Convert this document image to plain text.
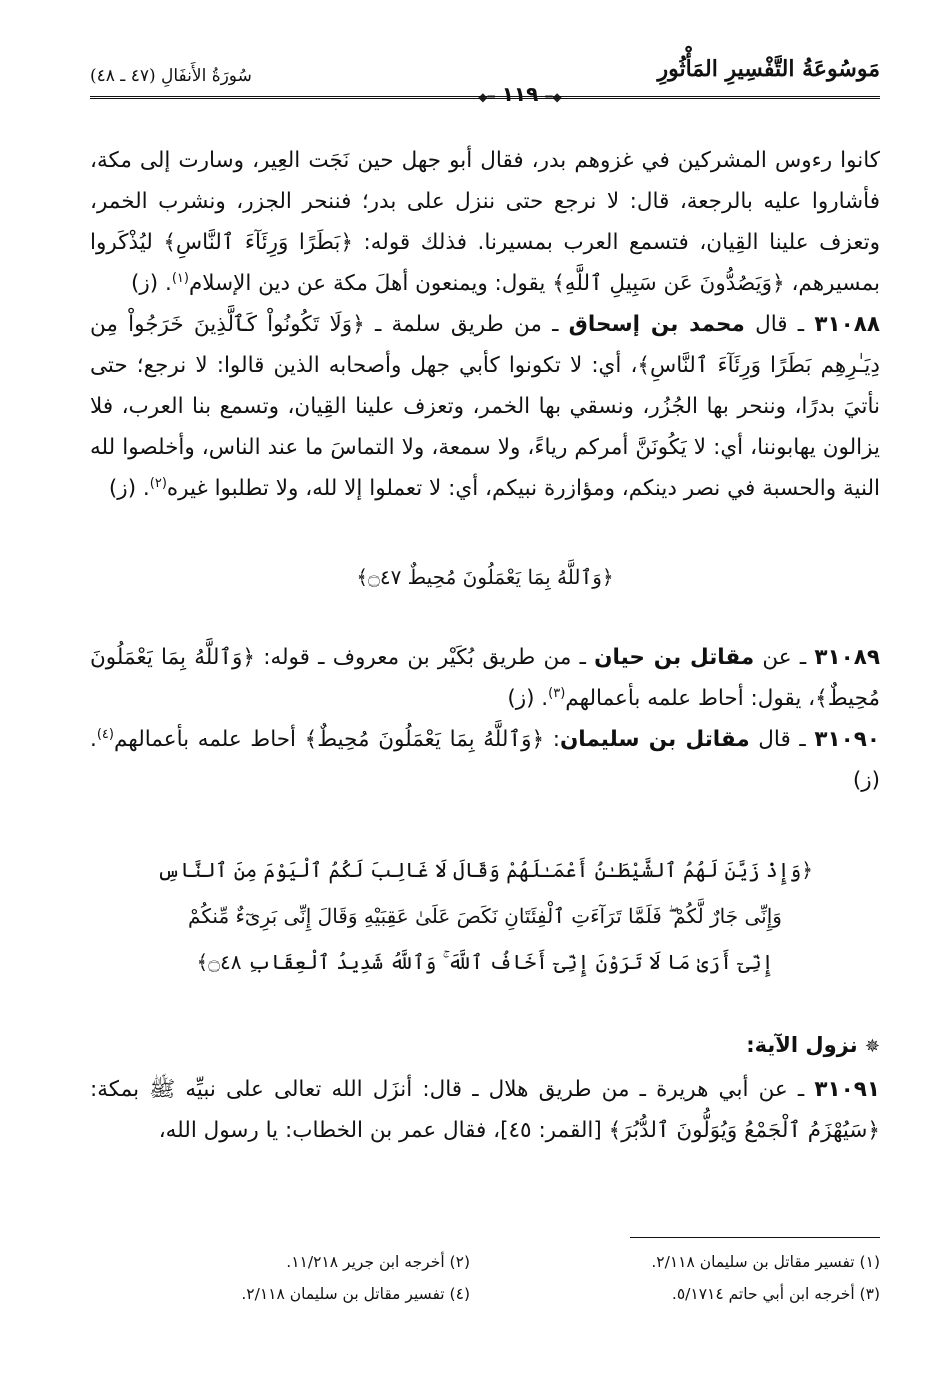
مَوسُوعَةُ التَّفْسِيرِ المَأْثُورِ
◆═ ١١٩ ═◆
سُورَةُ الأَنفَالِ (٤٧ ـ ٤٨)

كانوا رءوس المشركين في غزوهم بدر، فقال أبو جهل حين نَجَت العِير، وسارت إلى مكة، فأشاروا عليه بالرجعة، قال: لا نرجع حتى ننزل على بدر؛ فننحر الجزر، ونشرب الخمر، وتعزف علينا القِيان، فتسمع العرب بمسيرنا. فذلك قوله: ﴿بَطَرًا وَرِئَآءَ ٱلنَّاسِ﴾ ليُذْكَروا بمسيرهم، ﴿وَيَصُدُّونَ عَن سَبِيلِ ٱللَّهِ﴾ يقول: ويمنعون أهلَ مكة عن دين الإسلام$^{(١)}$. (ز)

٣١٠٨٨ ـ قال محمد بن إسحاق ـ من طريق سلمة ـ ﴿وَلَا تَكُونُواْ كَٱلَّذِينَ خَرَجُواْ مِن دِيَـٰرِهِم بَطَرًا وَرِئَآءَ ٱلنَّاسِ﴾، أي: لا تكونوا كأبي جهل وأصحابه الذين قالوا: لا نرجع؛ حتى نأتيَ بدرًا، وننحر بها الجُزُر، ونسقي بها الخمر، وتعزف علينا القِيان، وتسمع بنا العرب، فلا يزالون يهابوننا، أي: لا يَكُونَنَّ أمركم رياءً، ولا سمعة، ولا التماسَ ما عند الناس، وأخلصوا لله النية والحسبة في نصر دينكم، ومؤازرة نبيكم، أي: لا تعملوا إلا لله، ولا تطلبوا غيره$^{(٢)}$. (ز)

﴿وَٱللَّهُ بِمَا يَعْمَلُونَ مُحِيطٌ ۝٤٧﴾

٣١٠٨٩ ـ عن مقاتل بن حيان ـ من طريق بُكَيْر بن معروف ـ قوله: ﴿وَٱللَّهُ بِمَا يَعْمَلُونَ مُحِيطٌ﴾، يقول: أحاط علمه بأعمالهم$^{(٣)}$. (ز)

٣١٠٩٠ ـ قال مقاتل بن سليمان: ﴿وَٱللَّهُ بِمَا يَعْمَلُونَ مُحِيطٌ﴾ أحاط علمه بأعمالهم$^{(٤)}$. (ز)

﴿وَإِذْ زَيَّنَ لَهُمُ ٱلشَّيْطَـٰنُ أَعْمَـٰلَهُمْ وَقَالَ لَا غَالِبَ لَكُمُ ٱلْيَوْمَ مِنَ ٱلنَّاسِ

وَإِنِّى جَارٌ لَّكُمْ ۖ فَلَمَّا تَرَآءَتِ ٱلْفِئَتَانِ نَكَصَ عَلَىٰ عَقِبَيْهِ وَقَالَ إِنِّى بَرِىٓءٌ مِّنكُمْ

إِنِّىٓ أَرَىٰ مَا لَا تَرَوْنَ إِنِّىٓ أَخَافُ ٱللَّهَ ۚ وَٱللَّهُ شَدِيدُ ٱلْعِقَابِ ۝٤٨﴾

✵ نزول الآية:

٣١٠٩١ ـ عن أبي هريرة ـ من طريق هلال ـ قال: أنزَل الله تعالى على نبيِّه ﷺ بمكة: ﴿سَيُهْزَمُ ٱلْجَمْعُ وَيُوَلُّونَ ٱلدُّبُرَ﴾ [القمر: ٤٥]، فقال عمر بن الخطاب: يا رسول الله،

(١) تفسير مقاتل بن سليمان ٢/١١٨.
(٣) أخرجه ابن أبي حاتم ٥/١٧١٤.
(٢) أخرجه ابن جرير ١١/٢١٨.
(٤) تفسير مقاتل بن سليمان ٢/١١٨.
